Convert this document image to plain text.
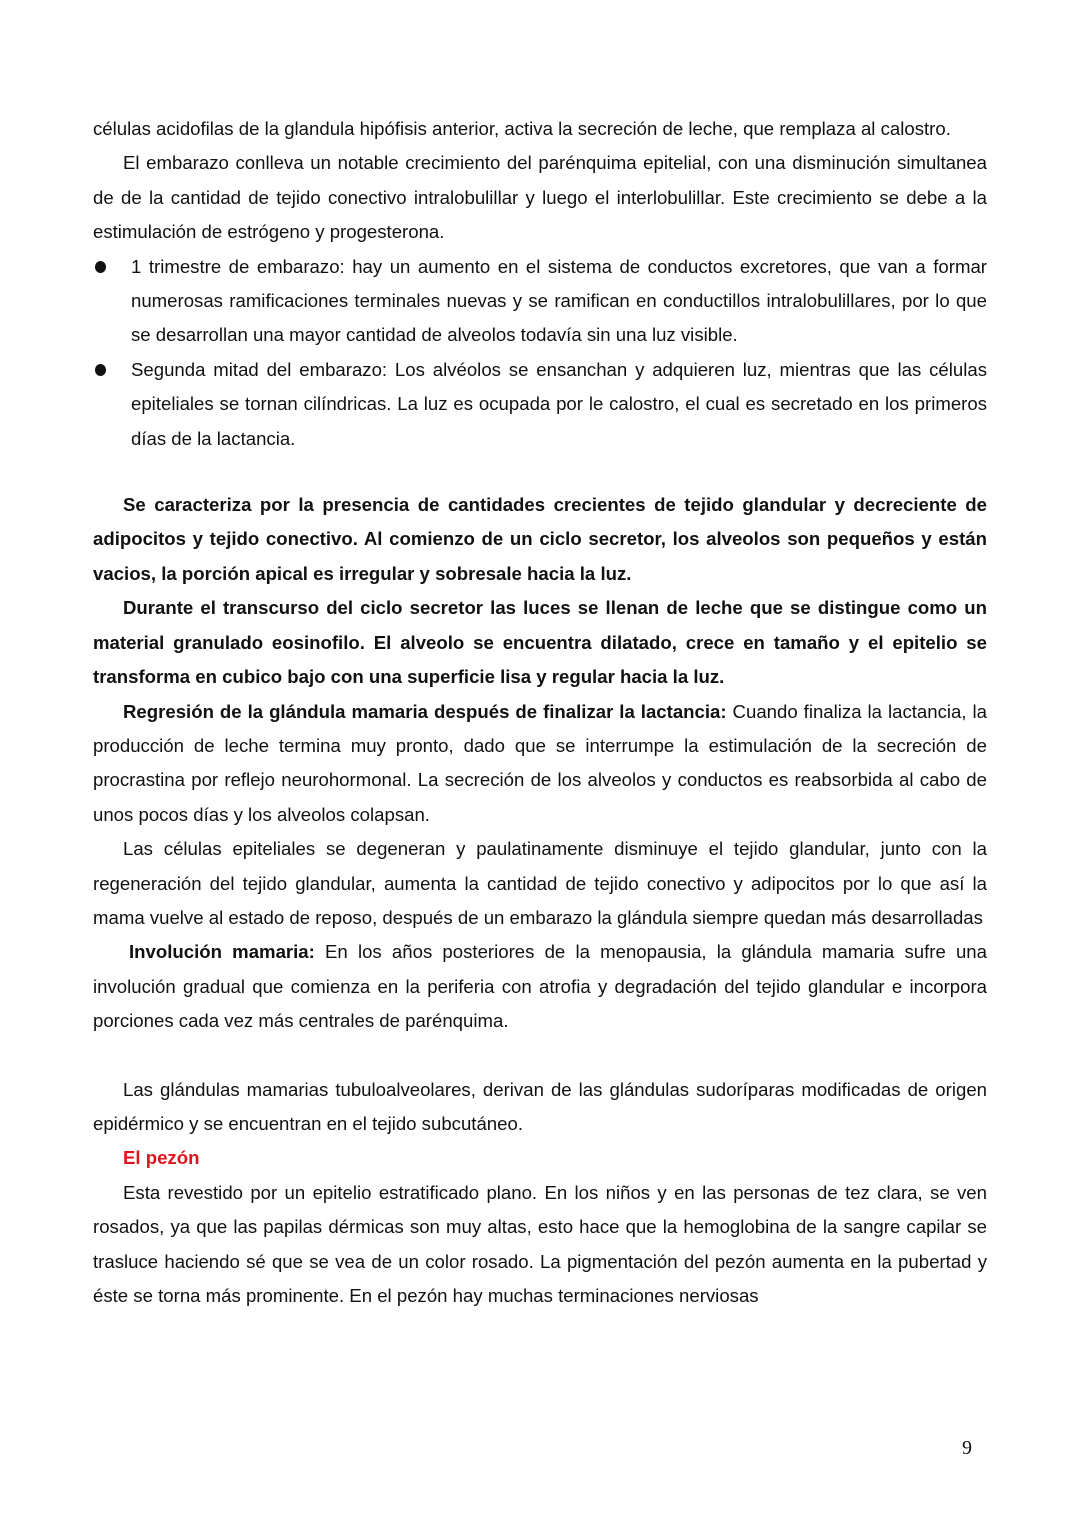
células acidofilas de la glandula hipófisis anterior, activa la secreción de leche, que remplaza al calostro.

El embarazo conlleva un notable crecimiento del parénquima epitelial, con una disminución simultanea de de la cantidad de tejido conectivo intralobulillar y luego el interlobulillar. Este crecimiento se debe a la estimulación de estrógeno y progesterona.

1 trimestre de embarazo: hay un aumento en el sistema de conductos excretores, que van a formar numerosas ramificaciones terminales nuevas y se ramifican en conductillos intralobulillares, por lo que se desarrollan una mayor cantidad de alveolos todavía sin una luz visible.
Segunda mitad del embarazo: Los alvéolos se ensanchan y adquieren luz, mientras que las células epiteliales se tornan cilíndricas. La luz es ocupada por le calostro, el cual es secretado en los primeros días de la lactancia.

Se caracteriza por la presencia de cantidades crecientes de tejido glandular y decreciente de adipocitos y tejido conectivo. Al comienzo de un ciclo secretor, los alveolos son pequeños y están vacios, la porción apical es irregular y sobresale hacia la luz.

Durante el transcurso del ciclo secretor las luces se llenan de leche que se distingue como un material granulado eosinofilo. El alveolo se encuentra dilatado, crece en tamaño y el epitelio se transforma en cubico bajo con una superficie lisa y regular hacia la luz.

Regresión de la glándula mamaria después de finalizar la lactancia: Cuando finaliza la lactancia, la producción de leche termina muy pronto, dado que se interrumpe la estimulación de la secreción de procrastina por reflejo neurohormonal. La secreción de los alveolos y conductos es reabsorbida al cabo de unos pocos días y los alveolos colapsan.

Las células epiteliales se degeneran y paulatinamente disminuye el tejido glandular, junto con la regeneración del tejido glandular, aumenta la cantidad de tejido conectivo y adipocitos por lo que así la mama vuelve al estado de reposo, después de un embarazo la glándula siempre quedan más desarrolladas

Involución mamaria: En los años posteriores de la menopausia, la glándula mamaria sufre una involución gradual que comienza en la periferia con atrofia y degradación del tejido glandular e incorpora porciones cada vez más centrales de parénquima.

Las glándulas mamarias tubuloalveolares, derivan de las glándulas sudoríparas modificadas de origen epidérmico y se encuentran en el tejido subcutáneo.

El pezón

Esta revestido por un epitelio estratificado plano. En los niños y en las personas de tez clara, se ven rosados, ya que las papilas dérmicas son muy altas, esto hace que la hemoglobina de la sangre capilar se trasluce haciendo sé que se vea de un color rosado. La pigmentación del pezón aumenta en la pubertad y éste se torna más prominente. En el pezón hay muchas terminaciones nerviosas

9
